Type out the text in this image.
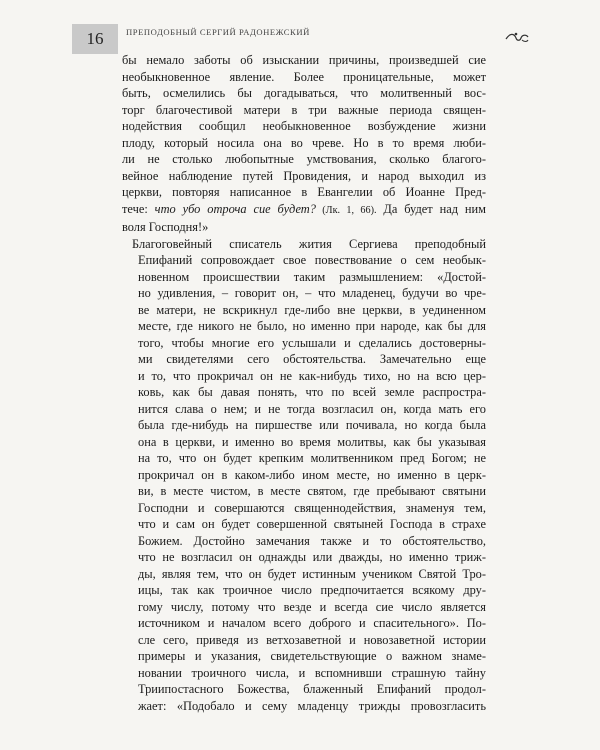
16	ПРЕПОДОБНЫЙ СЕРГИЙ РАДОНЕЖСКИЙ

бы немало заботы об изыскании причины, произведшей сие
необыкновенное явление. Более проницательные, может
быть, осмелились бы догадываться, что молитвенный вос-
торг благочестивой матери в три важные периода священ-
нодействия сообщил необыкновенное возбуждение жизни
плоду, который носила она во чреве. Но в то время люби-
ли не столько любопытные умствования, сколько благого-
вейное наблюдение путей Провидения, и народ выходил из
церкви, повторяя написанное в Евангелии об Иоанне Пред-
тече: что убо отроча сие будет? (Лк. 1, 66). Да будет над ним
воля Господня!»

Благоговейный списатель жития Сергиева преподобный
Епифаний сопровождает свое повествование о сем необык-
новенном происшествии таким размышлением: «Достой-
но удивления, – говорит он, – что младенец, будучи во чре-
ве матери, не вскрикнул где-либо вне церкви, в уединенном
месте, где никого не было, но именно при народе, как бы для
того, чтобы многие его услышали и сделались достоверны-
ми свидетелями сего обстоятельства. Замечательно еще
и то, что прокричал он не как-нибудь тихо, но на всю цер-
ковь, как бы давая понять, что по всей земле распростра-
нится слава о нем; и не тогда возгласил он, когда мать его
была где-нибудь на пиршестве или почивала, но когда была
она в церкви, и именно во время молитвы, как бы указывая
на то, что он будет крепким молитвенником пред Богом; не
прокричал он в каком-либо ином месте, но именно в церк-
ви, в месте чистом, в месте святом, где пребывают святыни
Господни и совершаются священнодействия, знаменуя тем,
что и сам он будет совершенной святыней Господа в страхе
Божием. Достойно замечания также и то обстоятельство,
что не возгласил он однажды или дважды, но именно триж-
ды, являя тем, что он будет истинным учеником Святой Тро-
ицы, так как троичное число предпочитается всякому дру-
гому числу, потому что везде и всегда сие число является
источником и началом всего доброго и спасительного». По-
сле сего, приведя из ветхозаветной и новозаветной истории
примеры и указания, свидетельствующие о важном знаме-
новании троичного числа, и вспомнивши страшную тайну
Триипостасного Божества, блаженный Епифаний продол-
жает: «Подобало и сему младенцу трижды провозгласить
